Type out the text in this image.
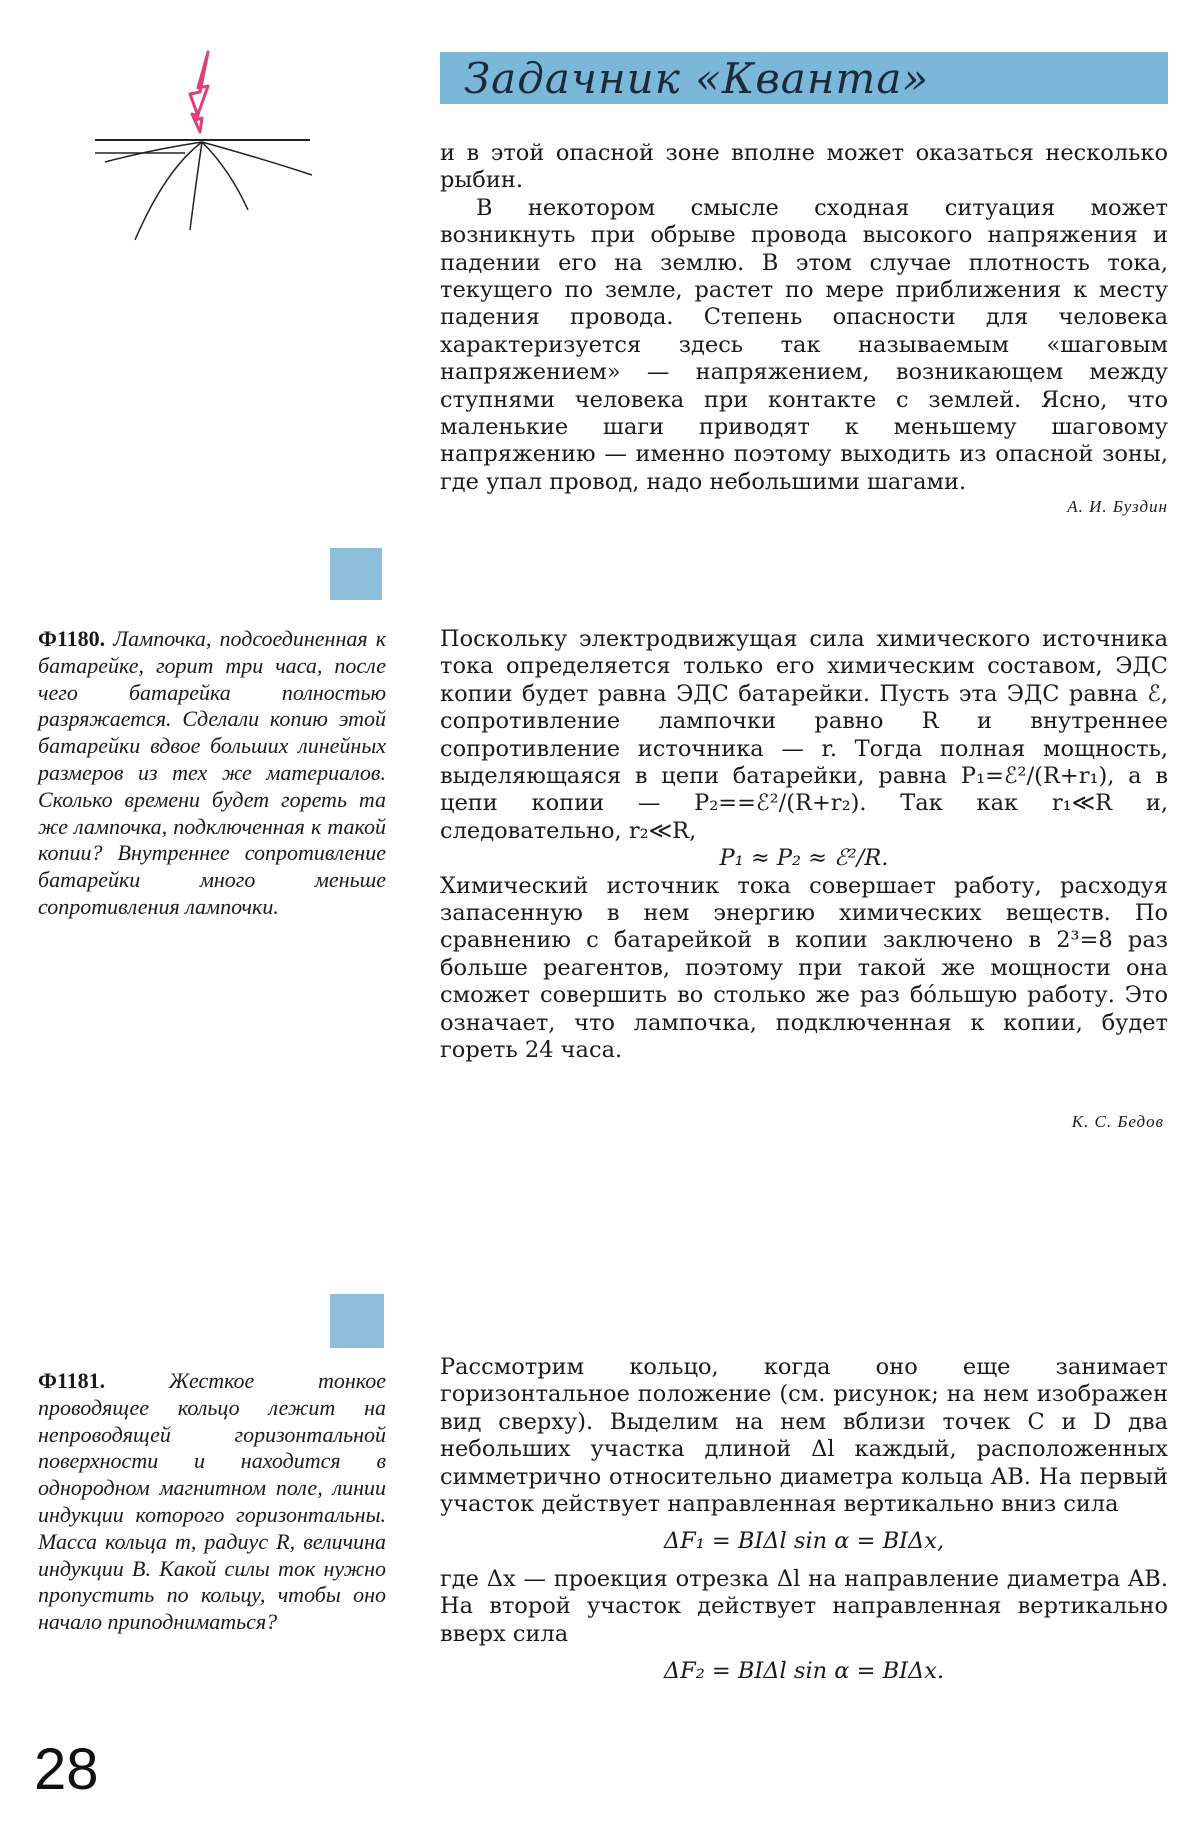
Задачник «Кванта»

и в этой опасной зоне вполне может оказаться несколько рыбин.

В некотором смысле сходная ситуация может возникнуть при обрыве провода высокого напряжения и падении его на землю. В этом случае плотность тока, текущего по земле, растет по мере приближения к месту падения провода. Степень опасности для человека характеризуется здесь так называемым «шаговым напряжением» — напряжением, возникающем между ступнями человека при контакте с землей. Ясно, что маленькие шаги приводят к меньшему шаговому напряжению — именно поэтому выходить из опасной зоны, где упал провод, надо небольшими шагами.

А. И. Буздин
Ф1180. Лампочка, подсоединенная к батарейке, горит три часа, после чего батарейка полностью разряжается. Сделали копию этой батарейки вдвое больших линейных размеров из тех же материалов. Сколько времени будет гореть та же лампочка, подключенная к такой копии? Внутреннее сопротивление батарейки много меньше сопротивления лампочки.

Поскольку электродвижущая сила химического источника тока определяется только его химическим составом, ЭДС копии будет равна ЭДС батарейки. Пусть эта ЭДС равна ℰ, сопротивление лампочки равно R и внутреннее сопротивление источника — r. Тогда полная мощность, выделяющаяся в цепи батарейки, равна P₁=ℰ²/(R+r₁), а в цепи копии — P₂==ℰ²/(R+r₂). Так как r₁≪R и, следовательно, r₂≪R,

P₁ ≈ P₂ ≈ ℰ²/R.

Химический источник тока совершает работу, расходуя запасенную в нем энергию химических веществ. По сравнению с батарейкой в копии заключено в 2³=8 раз больше реагентов, поэтому при такой же мощности она сможет совершить во столько же раз бóльшую работу. Это означает, что лампочка, подключенная к копии, будет гореть 24 часа.

К. С. Бедов
Ф1181.	Жесткое тонкое проводящее кольцо лежит на непроводящей горизонтальной поверхности и находится в однородном магнитном поле, линии индукции которого горизонтальны. Масса кольца m, радиус R, величина индукции B. Какой силы ток нужно пропустить по кольцу, чтобы оно начало приподниматься?

Рассмотрим кольцо, когда оно еще занимает горизонтальное положение (см. рисунок; на нем изображен вид сверху). Выделим на нем вблизи точек C и D два небольших участка длиной Δl каждый, расположенных симметрично относительно диаметра кольца AB. На первый участок действует направленная вертикально вниз сила

ΔF₁ = BIΔl sin α = BIΔx,

где Δx — проекция отрезка Δl на направление диаметра AB. На второй участок действует направленная вертикально вверх сила

ΔF₂ = BIΔl sin α = BIΔx.

28
